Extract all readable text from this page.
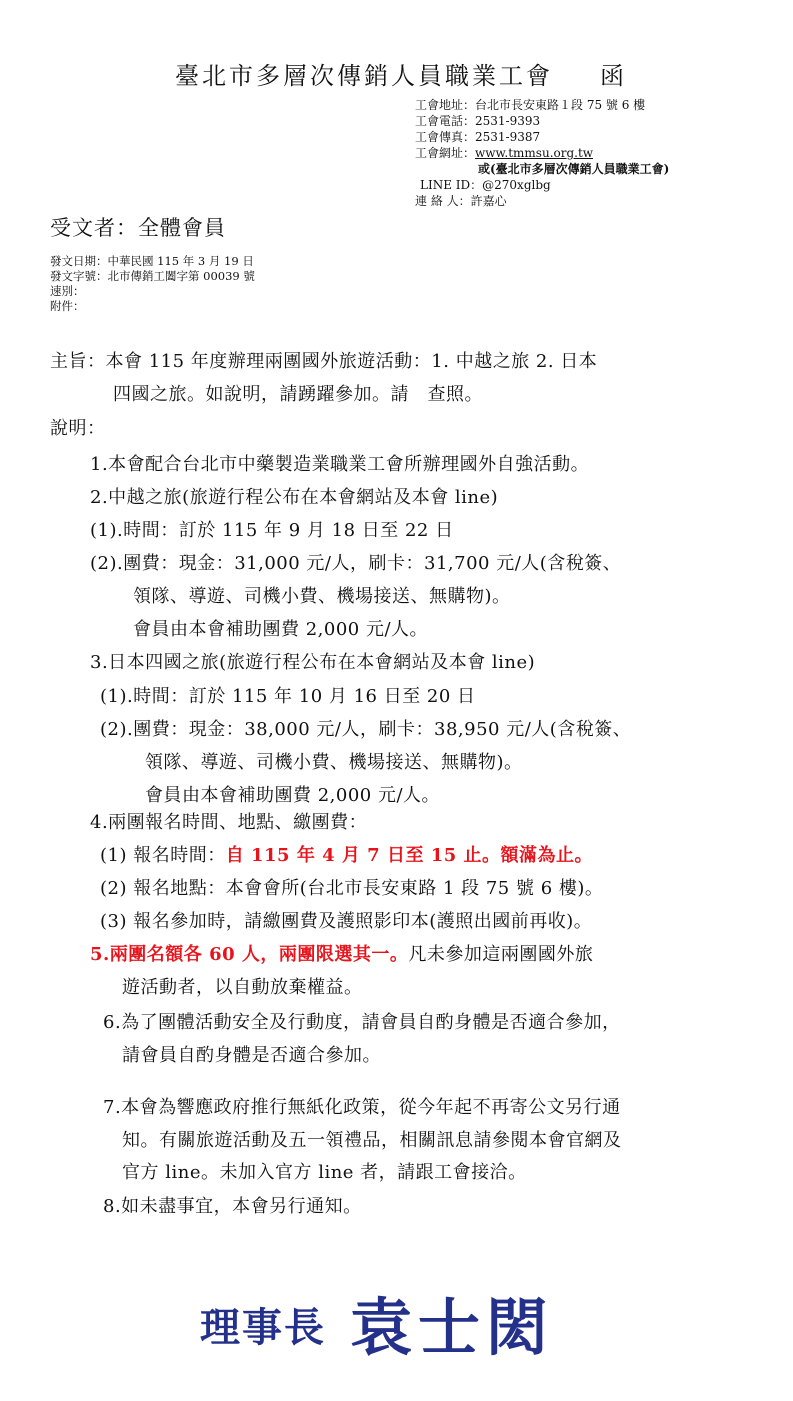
臺北市多層次傳銷人員職業工會 函
工會地址：台北市長安東路１段 75 號 6 樓
工會電話：2531-9393
工會傳真：2531-9387
工會網址：www.tmmsu.org.tw
或(臺北市多層次傳銷人員職業工會)
LINE ID：@270xglbg
連 絡 人：許嘉心
受文者：全體會員
發文日期：中華民國 115 年 3 月 19 日
發文字號：北市傳銷工闔字第 00039 號
速別：
附件：
主旨：本會 115 年度辦理兩團國外旅遊活動：1. 中越之旅 2. 日本
四國之旅。如說明，請踴躍參加。請　查照。
說明：
1.本會配合台北市中藥製造業職業工會所辦理國外自強活動。
2.中越之旅(旅遊行程公布在本會網站及本會 line)
(1).時間：訂於 115 年 9 月 18 日至 22 日
(2).團費：現金：31,000 元/人，刷卡：31,700 元/人(含稅簽、
領隊、導遊、司機小費、機場接送、無購物)。
會員由本會補助團費 2,000 元/人。
3.日本四國之旅(旅遊行程公布在本會網站及本會 line)
(1).時間：訂於 115 年 10 月 16 日至 20 日
(2).團費：現金：38,000 元/人，刷卡：38,950 元/人(含稅簽、
領隊、導遊、司機小費、機場接送、無購物)。
會員由本會補助團費 2,000 元/人。
4.兩團報名時間、地點、繳團費：
(1) 報名時間：自 115 年 4 月 7 日至 15 止。額滿為止。
(2) 報名地點：本會會所(台北市長安東路 1 段 75 號 6 樓)。
(3) 報名參加時，請繳團費及護照影印本(護照出國前再收)。
5.兩團名額各 60 人，兩團限選其一。凡未參加這兩團國外旅
遊活動者，以自動放棄權益。
6.為了團體活動安全及行動度，請會員自酌身體是否適合參加，
請會員自酌身體是否適合參加。
7.本會為響應政府推行無紙化政策，從今年起不再寄公文另行通
知。有關旅遊活動及五一領禮品，相關訊息請參閱本會官網及
官方 line。未加入官方 line 者，請跟工會接洽。
8.如未盡事宜，本會另行通知。
理事長 袁士閎
